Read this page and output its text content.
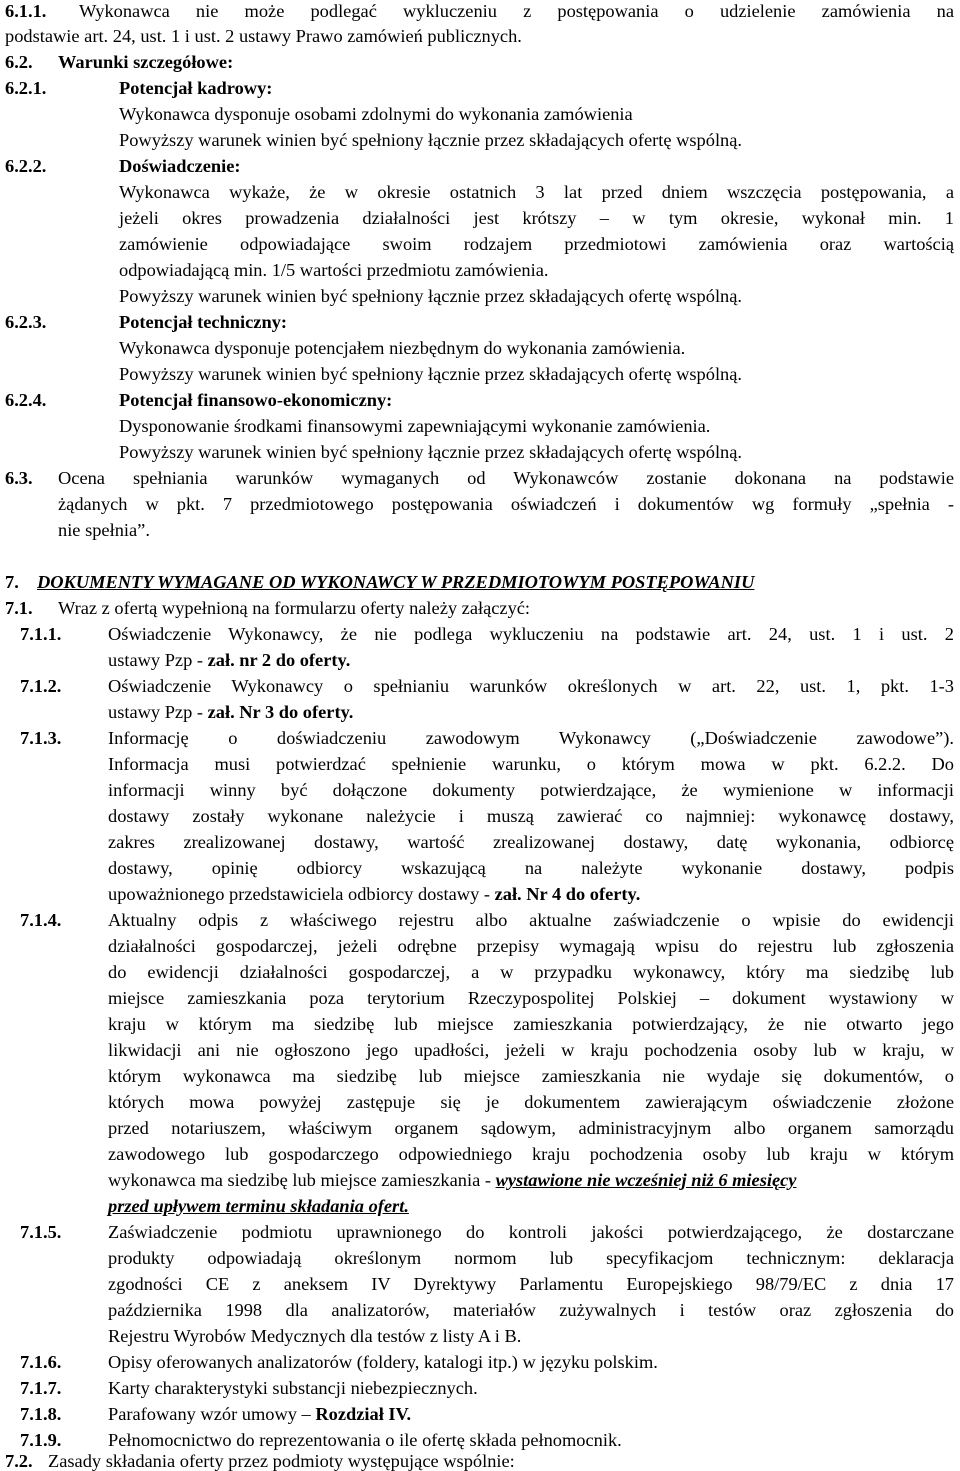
6.1.1. Wykonawca nie może podlegać wykluczeniu z postępowania o udzielenie zamówienia na
podstawie art. 24, ust. 1 i ust. 2 ustawy Prawo zamówień publicznych.
6.2. Warunki szczegółowe:
6.2.1.	Potencjał kadrowy:
Wykonawca dysponuje osobami zdolnymi do wykonania zamówienia
Powyższy warunek winien być spełniony łącznie przez składających ofertę wspólną.
6.2.2.	Doświadczenie:
Wykonawca wykaże, że w okresie ostatnich 3 lat przed dniem wszczęcia postępowania, a
jeżeli okres prowadzenia działalności jest krótszy – w tym okresie, wykonał min. 1
zamówienie odpowiadające swoim rodzajem przedmiotowi zamówienia oraz wartością
odpowiadającą min. 1/5 wartości przedmiotu zamówienia.
Powyższy warunek winien być spełniony łącznie przez składających ofertę wspólną.
6.2.3.	Potencjał techniczny:
Wykonawca dysponuje potencjałem niezbędnym do wykonania zamówienia.
Powyższy warunek winien być spełniony łącznie przez składających ofertę wspólną.
6.2.4.	Potencjał finansowo-ekonomiczny:
Dysponowanie środkami finansowymi zapewniającymi wykonanie zamówienia.
Powyższy warunek winien być spełniony łącznie przez składających ofertę wspólną.
6.3. Ocena spełniania warunków wymaganych od Wykonawców zostanie dokonana na podstawie
żądanych w pkt. 7 przedmiotowego postępowania oświadczeń i dokumentów wg formuły „spełnia -
nie spełnia”.
7. DOKUMENTY WYMAGANE OD WYKONAWCY W PRZEDMIOTOWYM POSTĘPOWANIU
7.1. Wraz z ofertą wypełnioną na formularzu oferty należy załączyć:
7.1.1.	Oświadczenie Wykonawcy, że nie podlega wykluczeniu na podstawie art. 24, ust. 1 i ust. 2
ustawy Pzp - zał. nr 2 do oferty.
7.1.2.	Oświadczenie Wykonawcy o spełnianiu warunków określonych w art. 22, ust. 1, pkt. 1-3
ustawy Pzp - zał. Nr 3 do oferty.
7.1.3.	Informację o doświadczeniu zawodowym Wykonawcy („Doświadczenie zawodowe”).
Informacja musi potwierdzać spełnienie warunku, o którym mowa w pkt. 6.2.2. Do
informacji winny być dołączone dokumenty potwierdzające, że wymienione w informacji
dostawy zostały wykonane należycie i muszą zawierać co najmniej: wykonawcę dostawy,
zakres zrealizowanej dostawy, wartość zrealizowanej dostawy, datę wykonania, odbiorcę
dostawy, opinię odbiorcy wskazującą na należyte wykonanie dostawy, podpis
upoważnionego przedstawiciela odbiorcy dostawy - zał. Nr 4 do oferty.
7.1.4.	Aktualny odpis z właściwego rejestru albo aktualne zaświadczenie o wpisie do ewidencji
działalności gospodarczej, jeżeli odrębne przepisy wymagają wpisu do rejestru lub zgłoszenia
do ewidencji działalności gospodarczej, a w przypadku wykonawcy, który ma siedzibę lub
miejsce zamieszkania poza terytorium Rzeczypospolitej Polskiej – dokument wystawiony w
kraju w którym ma siedzibę lub miejsce zamieszkania potwierdzający, że nie otwarto jego
likwidacji ani nie ogłoszono jego upadłości, jeżeli w kraju pochodzenia osoby lub w kraju, w
którym wykonawca ma siedzibę lub miejsce zamieszkania nie wydaje się dokumentów, o
których mowa powyżej zastępuje się je dokumentem zawierającym oświadczenie złożone
przed notariuszem, właściwym organem sądowym, administracyjnym albo organem samorządu
zawodowego lub gospodarczego odpowiedniego kraju pochodzenia osoby lub kraju w którym
wykonawca ma siedzibę lub miejsce zamieszkania - wystawione nie wcześniej niż 6 miesięcy
przed upływem terminu składania ofert.
7.1.5.	Zaświadczenie podmiotu uprawnionego do kontroli jakości potwierdzającego, że dostarczane
produkty odpowiadają określonym normom lub specyfikacjom technicznym: deklaracja
zgodności CE z aneksem IV Dyrektywy Parlamentu Europejskiego 98/79/EC z dnia 17
października 1998 dla analizatorów, materiałów zużywalnych i testów oraz zgłoszenia do
Rejestru Wyrobów Medycznych dla testów z listy A i B.
7.1.6.	Opisy oferowanych analizatorów (foldery, katalogi itp.) w języku polskim.
7.1.7.	Karty charakterystyki substancji niebezpiecznych.
7.1.8.	Parafowany wzór umowy – Rozdział IV.
7.1.9.	Pełnomocnictwo do reprezentowania o ile ofertę składa pełnomocnik.
7.2. Zasady składania oferty przez podmioty występujące wspólnie:
